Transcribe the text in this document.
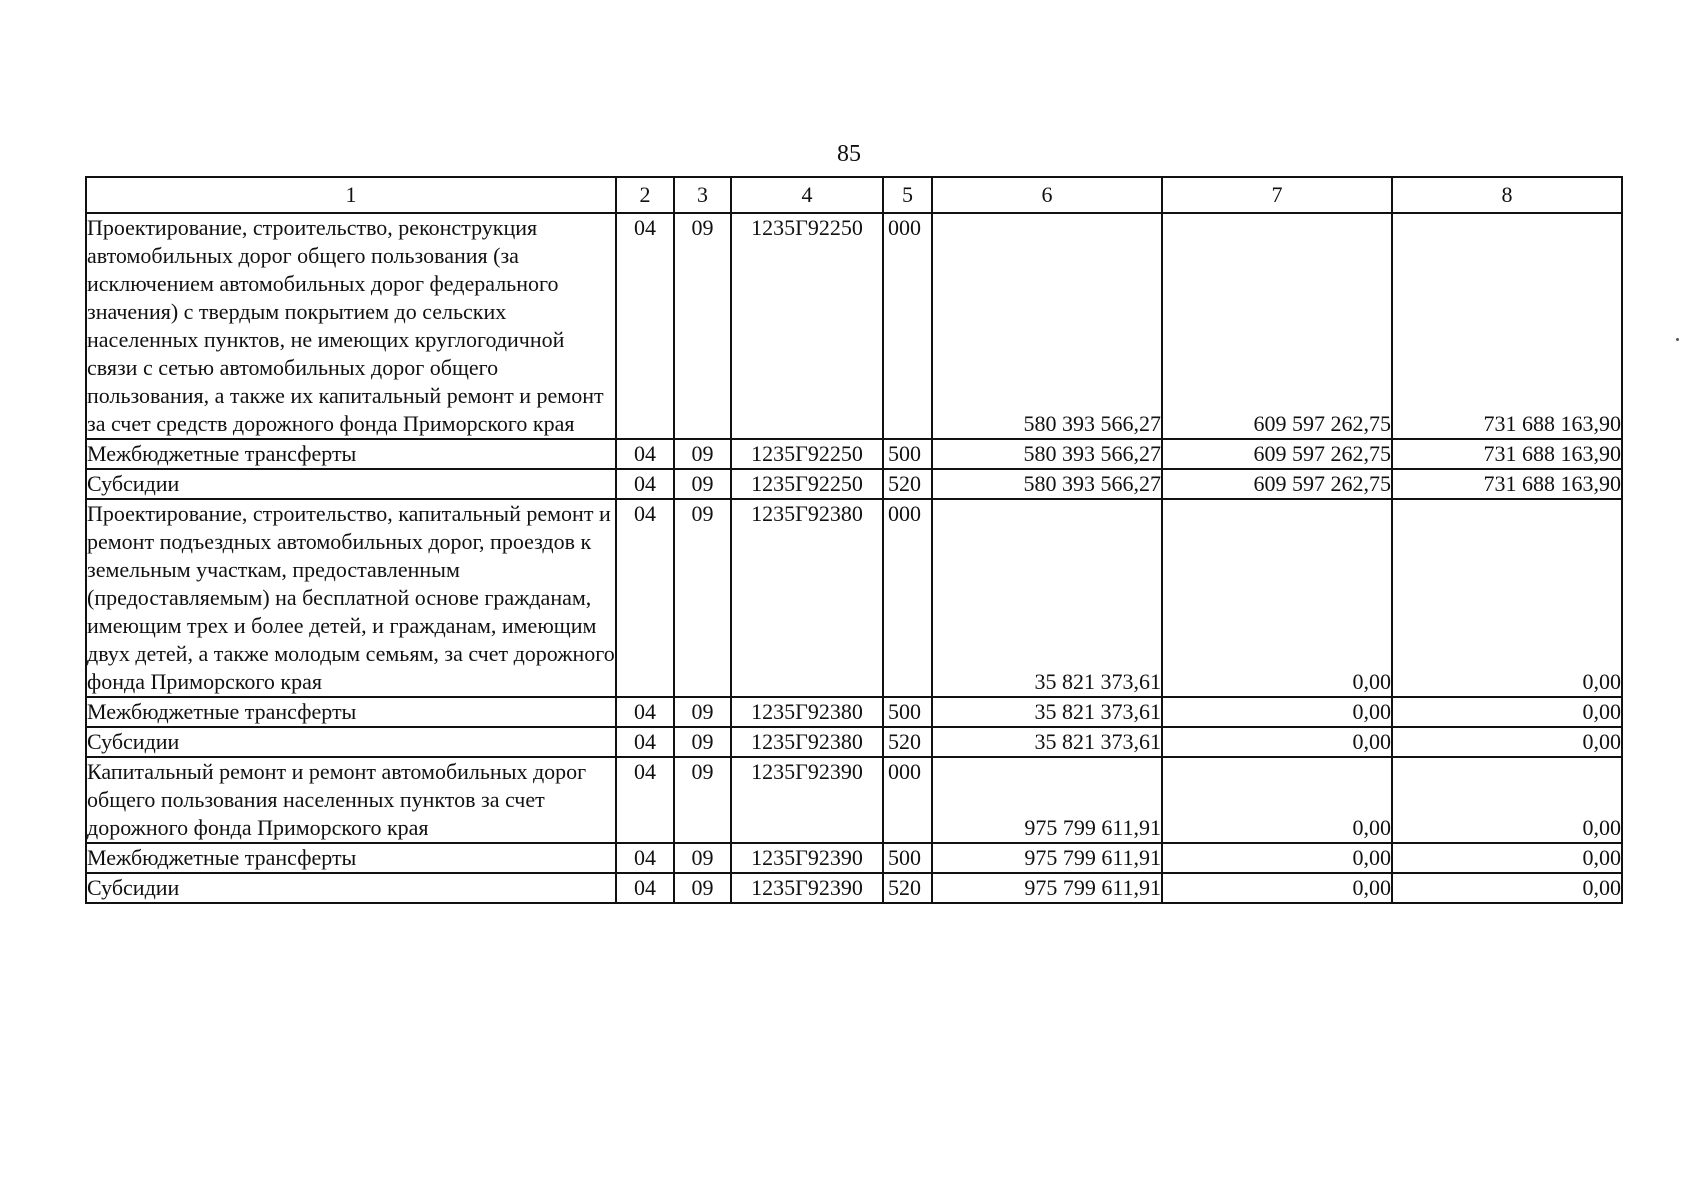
85
1	2	3	4	5	6	7	8
Проектирование, строительство, реконструкция автомобильных дорог общего пользования (за исключением автомобильных дорог федерального значения) с твердым покрытием до сельских населенных пунктов, не имеющих круглогодичной связи с сетью автомобильных дорог общего пользования, а также их капитальный ремонт и ремонт за счет средств дорожного фонда Приморского края	04	09	1235Г92250	000	580 393 566,27	609 597 262,75	731 688 163,90
Межбюджетные трансферты	04	09	1235Г92250	500	580 393 566,27	609 597 262,75	731 688 163,90
Субсидии	04	09	1235Г92250	520	580 393 566,27	609 597 262,75	731 688 163,90
Проектирование, строительство, капитальный ремонт и ремонт подъездных автомобильных дорог, проездов к земельным участкам, предоставленным (предоставляемым) на бесплатной основе гражданам, имеющим трех и более детей, и гражданам, имеющим двух детей, а также молодым семьям, за счет дорожного фонда Приморского края	04	09	1235Г92380	000	35 821 373,61	0,00	0,00
Межбюджетные трансферты	04	09	1235Г92380	500	35 821 373,61	0,00	0,00
Субсидии	04	09	1235Г92380	520	35 821 373,61	0,00	0,00
Капитальный ремонт и ремонт автомобильных дорог общего пользования населенных пунктов за счет дорожного фонда Приморского края	04	09	1235Г92390	000	975 799 611,91	0,00	0,00
Межбюджетные трансферты	04	09	1235Г92390	500	975 799 611,91	0,00	0,00
Субсидии	04	09	1235Г92390	520	975 799 611,91	0,00	0,00
